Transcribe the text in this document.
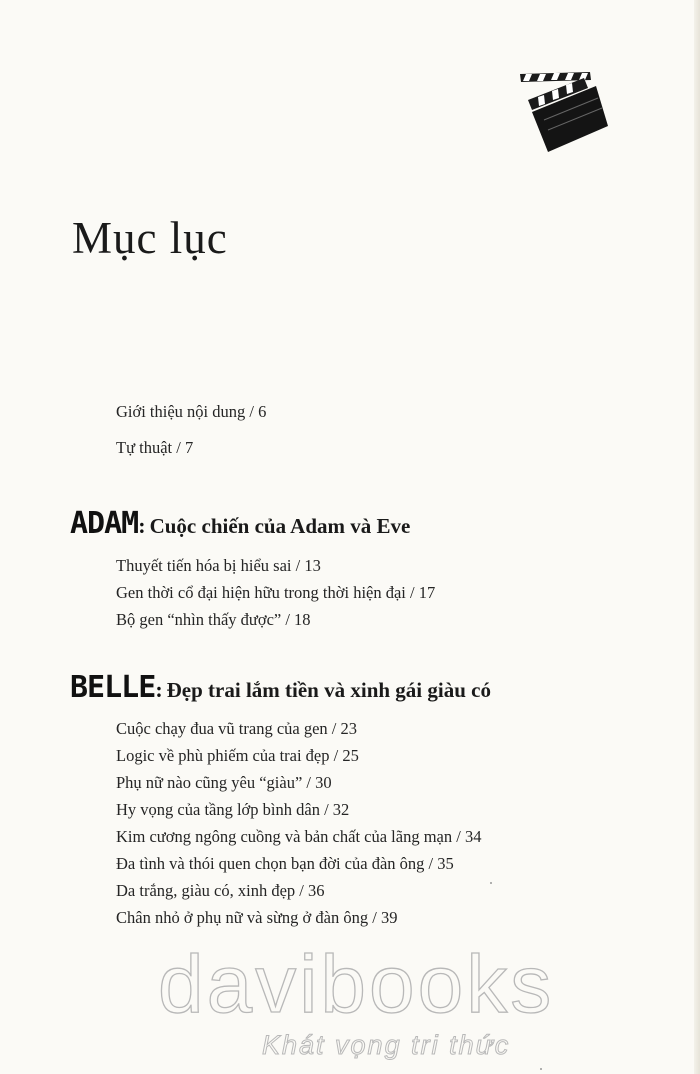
Mục lục
Giới thiệu nội dung / 6
Tự thuật / 7
ADAM: Cuộc chiến của Adam và Eve
Thuyết tiến hóa bị hiểu sai / 13
Gen thời cổ đại hiện hữu trong thời hiện đại / 17
Bộ gen “nhìn thấy được” / 18
BELLE: Đẹp trai lắm tiền và xinh gái giàu có
Cuộc chạy đua vũ trang của gen / 23
Logic về phù phiếm của trai đẹp / 25
Phụ nữ nào cũng yêu “giàu” / 30
Hy vọng của tầng lớp bình dân / 32
Kim cương ngông cuồng và bản chất của lãng mạn / 34
Đa tình và thói quen chọn bạn đời của đàn ông / 35
Da trắng, giàu có, xinh đẹp / 36
Chân nhỏ ở phụ nữ và sừng ở đàn ông / 39
davibooks
Khát vọng tri thức
